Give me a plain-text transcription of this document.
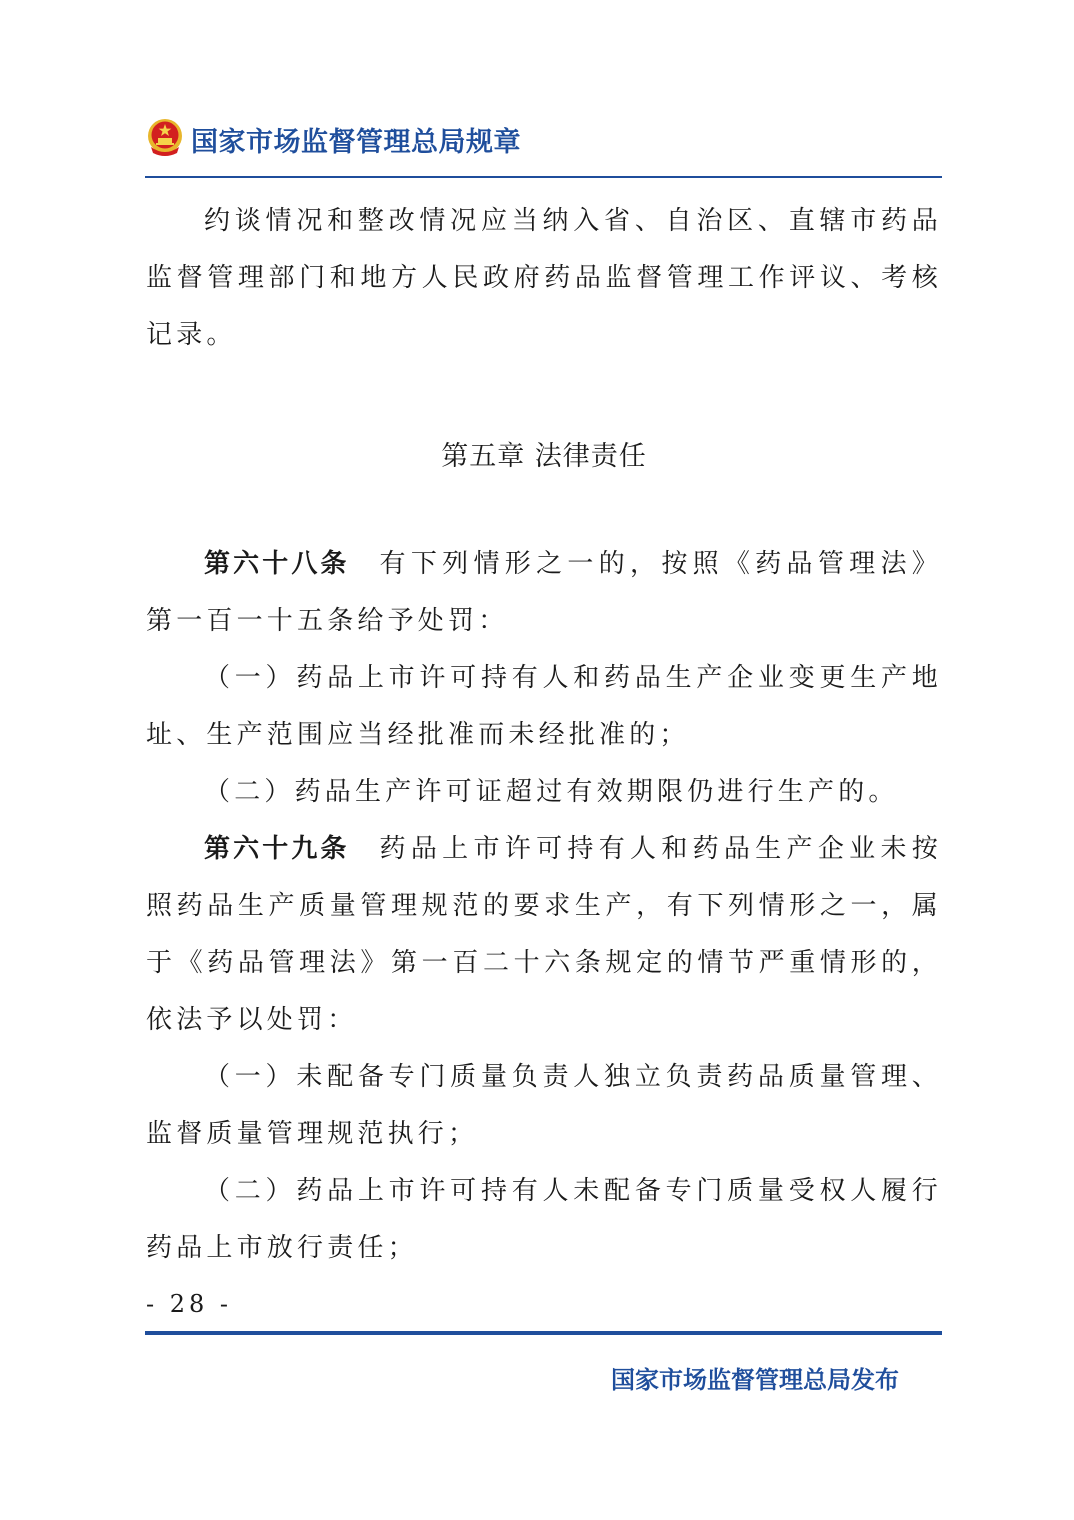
国家市场监督管理总局规章

约谈情况和整改情况应当纳入省、自治区、直辖市药品监督管理部门和地方人民政府药品监督管理工作评议、考核记录。

第五章 法律责任

第六十八条 有下列情形之一的，按照《药品管理法》第一百一十五条给予处罚：

（一）药品上市许可持有人和药品生产企业变更生产地址、生产范围应当经批准而未经批准的；

（二）药品生产许可证超过有效期限仍进行生产的。

第六十九条 药品上市许可持有人和药品生产企业未按照药品生产质量管理规范的要求生产，有下列情形之一，属于《药品管理法》第一百二十六条规定的情节严重情形的，依法予以处罚：

（一）未配备专门质量负责人独立负责药品质量管理、监督质量管理规范执行；

（二）药品上市许可持有人未配备专门质量受权人履行药品上市放行责任；

- 28 -
国家市场监督管理总局发布
